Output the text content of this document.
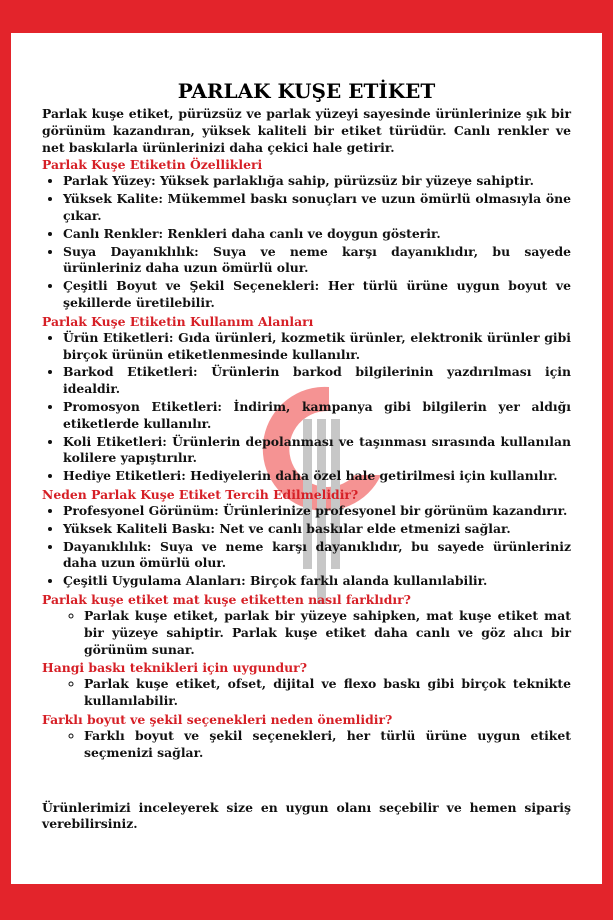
PARLAK KUŞE ETİKET

Parlak kuşe etiket, pürüzsüz ve parlak yüzeyi sayesinde ürünlerinize şık bir görünüm kazandıran, yüksek kaliteli bir etiket türüdür. Canlı renkler ve net baskılarla ürünlerinizi daha çekici hale getirir.

Parlak Kuşe Etiketin Özellikleri
• Parlak Yüzey: Yüksek parlaklığa sahip, pürüzsüz bir yüzeye sahiptir.
• Yüksek Kalite: Mükemmel baskı sonuçları ve uzun ömürlü olmasıyla öne çıkar.
• Canlı Renkler: Renkleri daha canlı ve doygun gösterir.
• Suya Dayanıklılık: Suya ve neme karşı dayanıklıdır, bu sayede ürünleriniz daha uzun ömürlü olur.
• Çeşitli Boyut ve Şekil Seçenekleri: Her türlü ürüne uygun boyut ve şekillerde üretilebilir.
Parlak Kuşe Etiketin Kullanım Alanları
• Ürün Etiketleri: Gıda ürünleri, kozmetik ürünler, elektronik ürünler gibi birçok ürünün etiketlenmesinde kullanılır.
• Barkod Etiketleri: Ürünlerin barkod bilgilerinin yazdırılması için idealdir.
• Promosyon Etiketleri: İndirim, kampanya gibi bilgilerin yer aldığı etiketlerde kullanılır.
• Koli Etiketleri: Ürünlerin depolanması ve taşınması sırasında kullanılan kolilere yapıştırılır.
• Hediye Etiketleri: Hediyelerin daha özel hale getirilmesi için kullanılır.
Neden Parlak Kuşe Etiket Tercih Edilmelidir?
• Profesyonel Görünüm: Ürünlerinize profesyonel bir görünüm kazandırır.
• Yüksek Kaliteli Baskı: Net ve canlı baskılar elde etmenizi sağlar.
• Dayanıklılık: Suya ve neme karşı dayanıklıdır, bu sayede ürünleriniz daha uzun ömürlü olur.
• Çeşitli Uygulama Alanları: Birçok farklı alanda kullanılabilir.
Parlak kuşe etiket mat kuşe etiketten nasıl farklıdır?
◦ Parlak kuşe etiket, parlak bir yüzeye sahipken, mat kuşe etiket mat bir yüzeye sahiptir. Parlak kuşe etiket daha canlı ve göz alıcı bir görünüm sunar.
Hangi baskı teknikleri için uygundur?
◦ Parlak kuşe etiket, ofset, dijital ve flexo baskı gibi birçok teknikte kullanılabilir.
Farklı boyut ve şekil seçenekleri neden önemlidir?
◦ Farklı boyut ve şekil seçenekleri, her türlü ürüne uygun etiket seçmenizi sağlar.

Ürünlerimizi inceleyerek size en uygun olanı seçebilir ve hemen sipariş verebilirsiniz.
